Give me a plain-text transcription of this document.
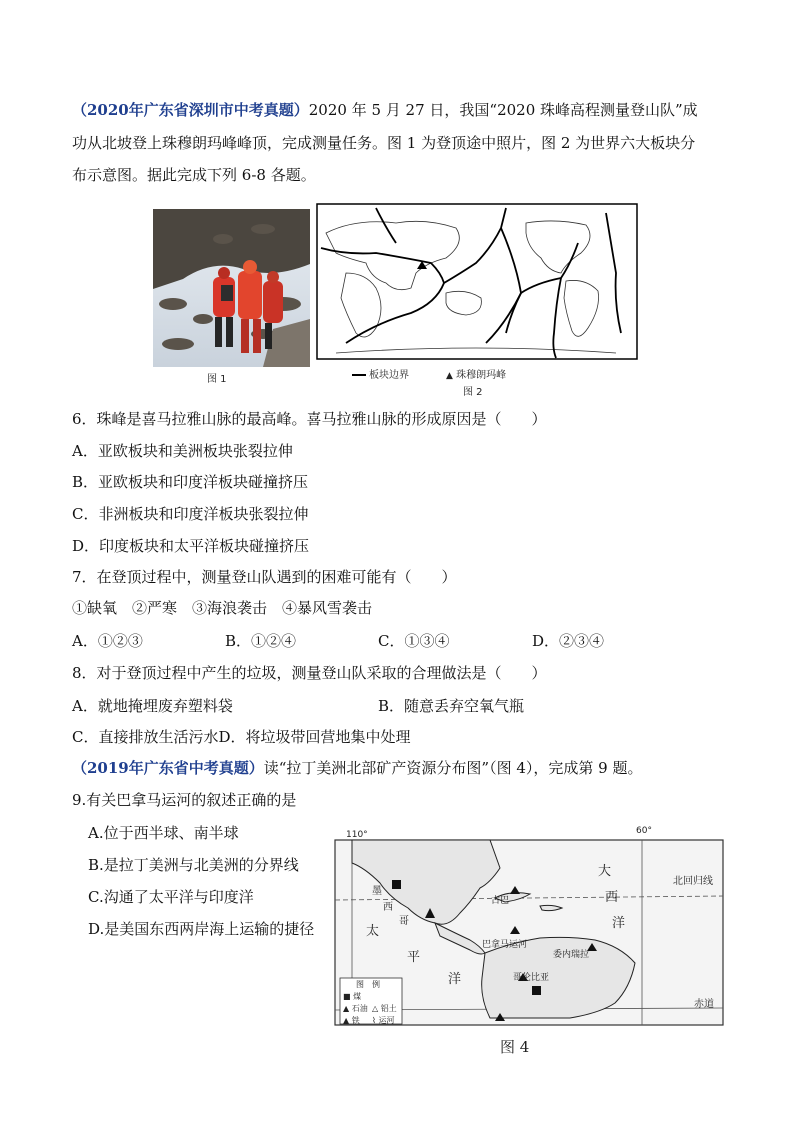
（2020年广东省深圳市中考真题）2020 年 5 月 27 日，我国“2020 珠峰高程测量登山队”成
功从北坡登上珠穆朗玛峰峰顶，完成测量任务。图 1 为登顶途中照片，图 2 为世界六大板块分
布示意图。据此完成下列 6-8 各题。
图 1	板块边界	▲ 珠穆朗玛峰
图 2
6．珠峰是喜马拉雅山脉的最高峰。喜马拉雅山脉的形成原因是（　　）
A．亚欧板块和美洲板块张裂拉伸
B．亚欧板块和印度洋板块碰撞挤压
C．非洲板块和印度洋板块张裂拉伸
D．印度板块和太平洋板块碰撞挤压
7．在登顶过程中，测量登山队遇到的困难可能有（　　）
①缺氧　②严寒　③海浪袭击　④暴风雪袭击
A．①②③	B．①②④	C．①③④	D．②③④
8．对于登顶过程中产生的垃圾，测量登山队采取的合理做法是（　　）
A．就地掩埋废弃塑料袋	B．随意丢弃空氧气瓶
C．直接排放生活污水D．将垃圾带回营地集中处理
（2019年广东省中考真题）读“拉丁美洲北部矿产资源分布图”（图 4），完成第 9 题。
9.有关巴拿马运河的叙述正确的是
A.位于西半球、南半球
B.是拉丁美洲与北美洲的分界线
C.沟通了太平洋与印度洋
D.是美国东西两岸海上运输的捷径
110°	60°
北回归线
赤道
太
平
洋
大
西
洋
墨
西
哥
古巴
巴拿马运河
委内瑞拉
哥伦比亚
图　例
■ 煤
▲ 石油
▲ 铁
△ 铝土
⌇ 运河
图 4
